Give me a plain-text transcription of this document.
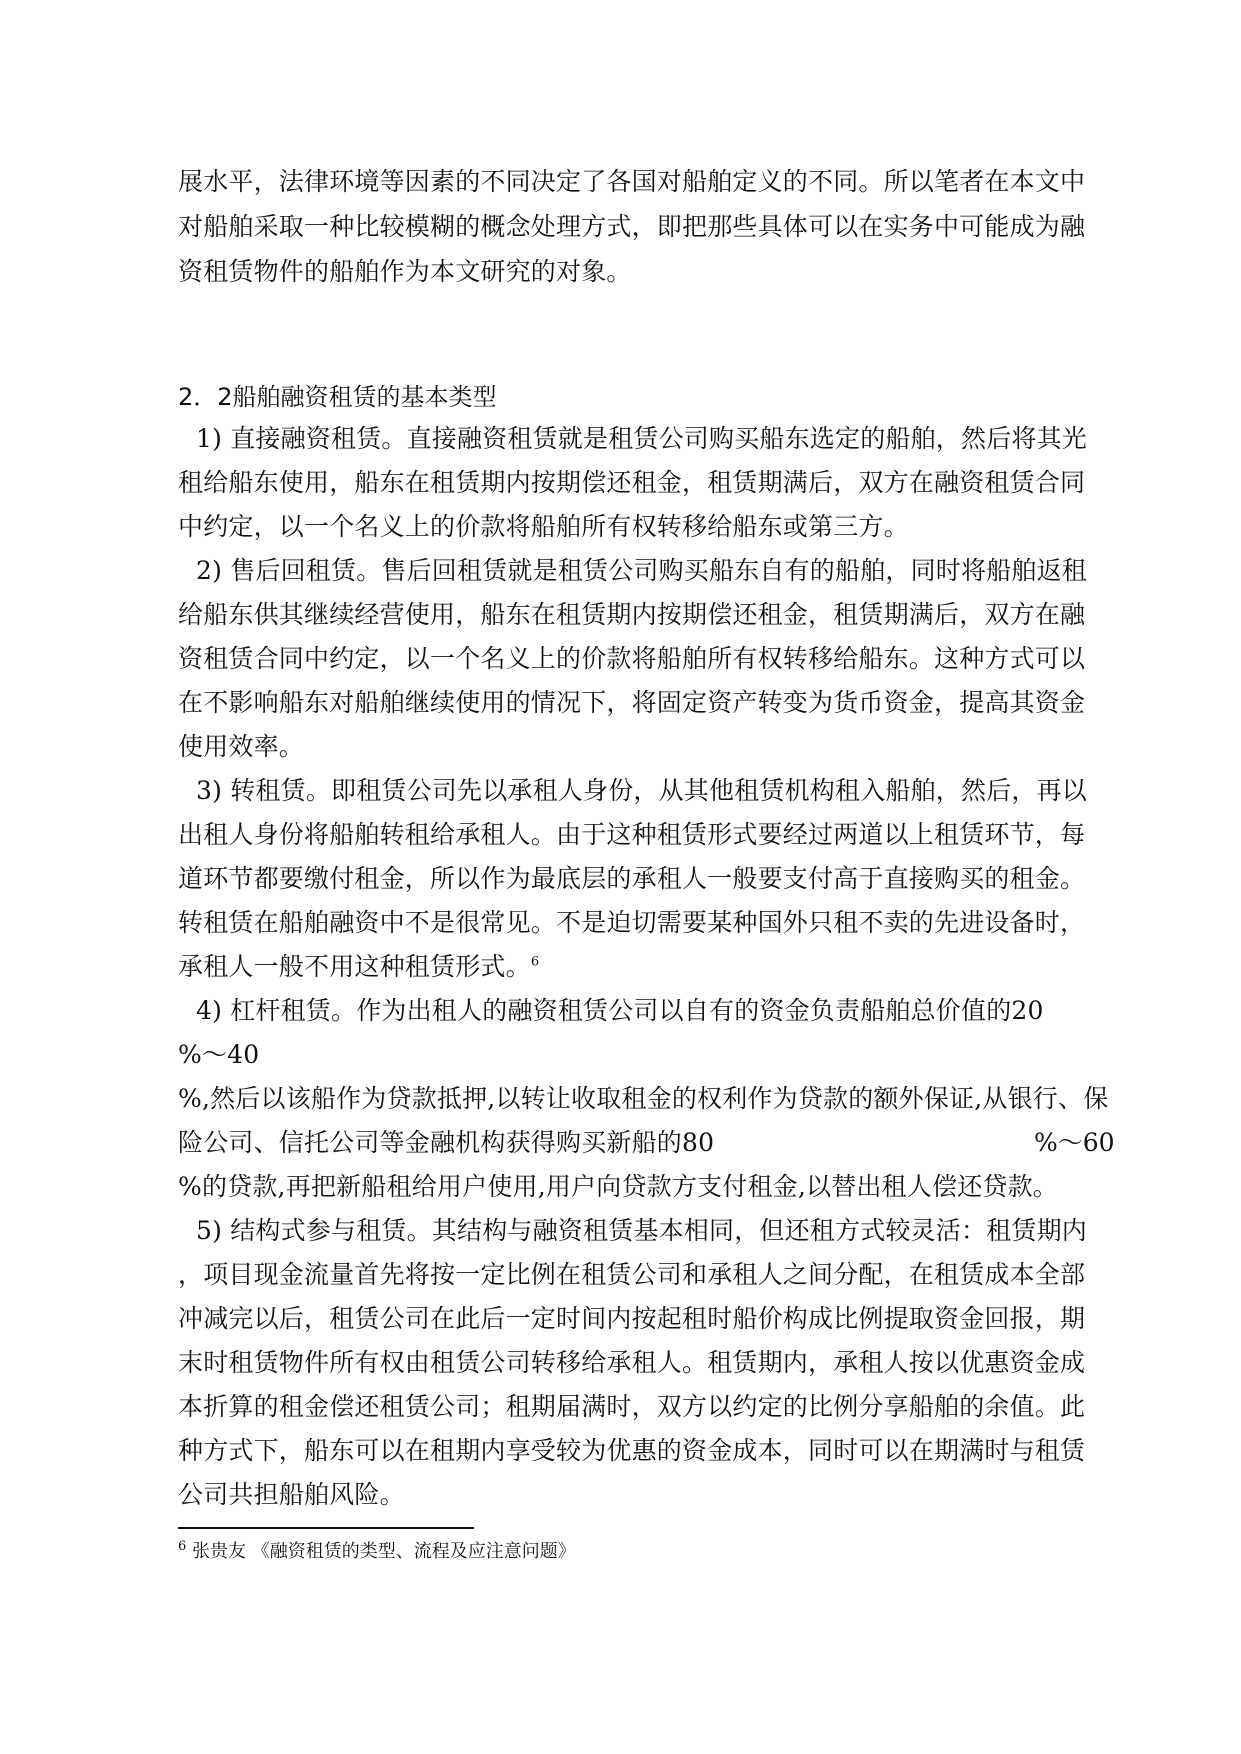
展水平，法律环境等因素的不同决定了各国对船舶定义的不同。所以笔者在本文中
对船舶采取一种比较模糊的概念处理方式，即把那些具体可以在实务中可能成为融
资租赁物件的船舶作为本文研究的对象。
2．2船舶融资租赁的基本类型
1) 直接融资租赁。直接融资租赁就是租赁公司购买船东选定的船舶，然后将其光
租给船东使用，船东在租赁期内按期偿还租金，租赁期满后，双方在融资租赁合同
中约定，以一个名义上的价款将船舶所有权转移给船东或第三方。
2) 售后回租赁。售后回租赁就是租赁公司购买船东自有的船舶，同时将船舶返租
给船东供其继续经营使用，船东在租赁期内按期偿还租金，租赁期满后，双方在融
资租赁合同中约定，以一个名义上的价款将船舶所有权转移给船东。这种方式可以
在不影响船东对船舶继续使用的情况下，将固定资产转变为货币资金，提高其资金
使用效率。
3) 转租赁。即租赁公司先以承租人身份，从其他租赁机构租入船舶，然后，再以
出租人身份将船舶转租给承租人。由于这种租赁形式要经过两道以上租赁环节，每
道环节都要缴付租金，所以作为最底层的承租人一般要支付高于直接购买的租金。
转租赁在船舶融资中不是很常见。不是迫切需要某种国外只租不卖的先进设备时，
承租人一般不用这种租赁形式。$^6$
4) 杠杆租赁。作为出租人的融资租赁公司以自有的资金负责船舶总价值的20
%～40
%,然后以该船作为贷款抵押,以转让收取租金的权利作为贷款的额外保证,从银行、保
险公司、信托公司等金融机构获得购买新船的80	%～60
%的贷款,再把新船租给用户使用,用户向贷款方支付租金,以替出租人偿还贷款。
5) 结构式参与租赁。其结构与融资租赁基本相同，但还租方式较灵活：租赁期内
，项目现金流量首先将按一定比例在租赁公司和承租人之间分配，在租赁成本全部
冲减完以后，租赁公司在此后一定时间内按起租时船价构成比例提取资金回报，期
末时租赁物件所有权由租赁公司转移给承租人。租赁期内，承租人按以优惠资金成
本折算的租金偿还租赁公司；租期届满时，双方以约定的比例分享船舶的余值。此
种方式下，船东可以在租期内享受较为优惠的资金成本，同时可以在期满时与租赁
公司共担船舶风险。
$^6$ 张贵友 《融资租赁的类型、流程及应注意问题》
